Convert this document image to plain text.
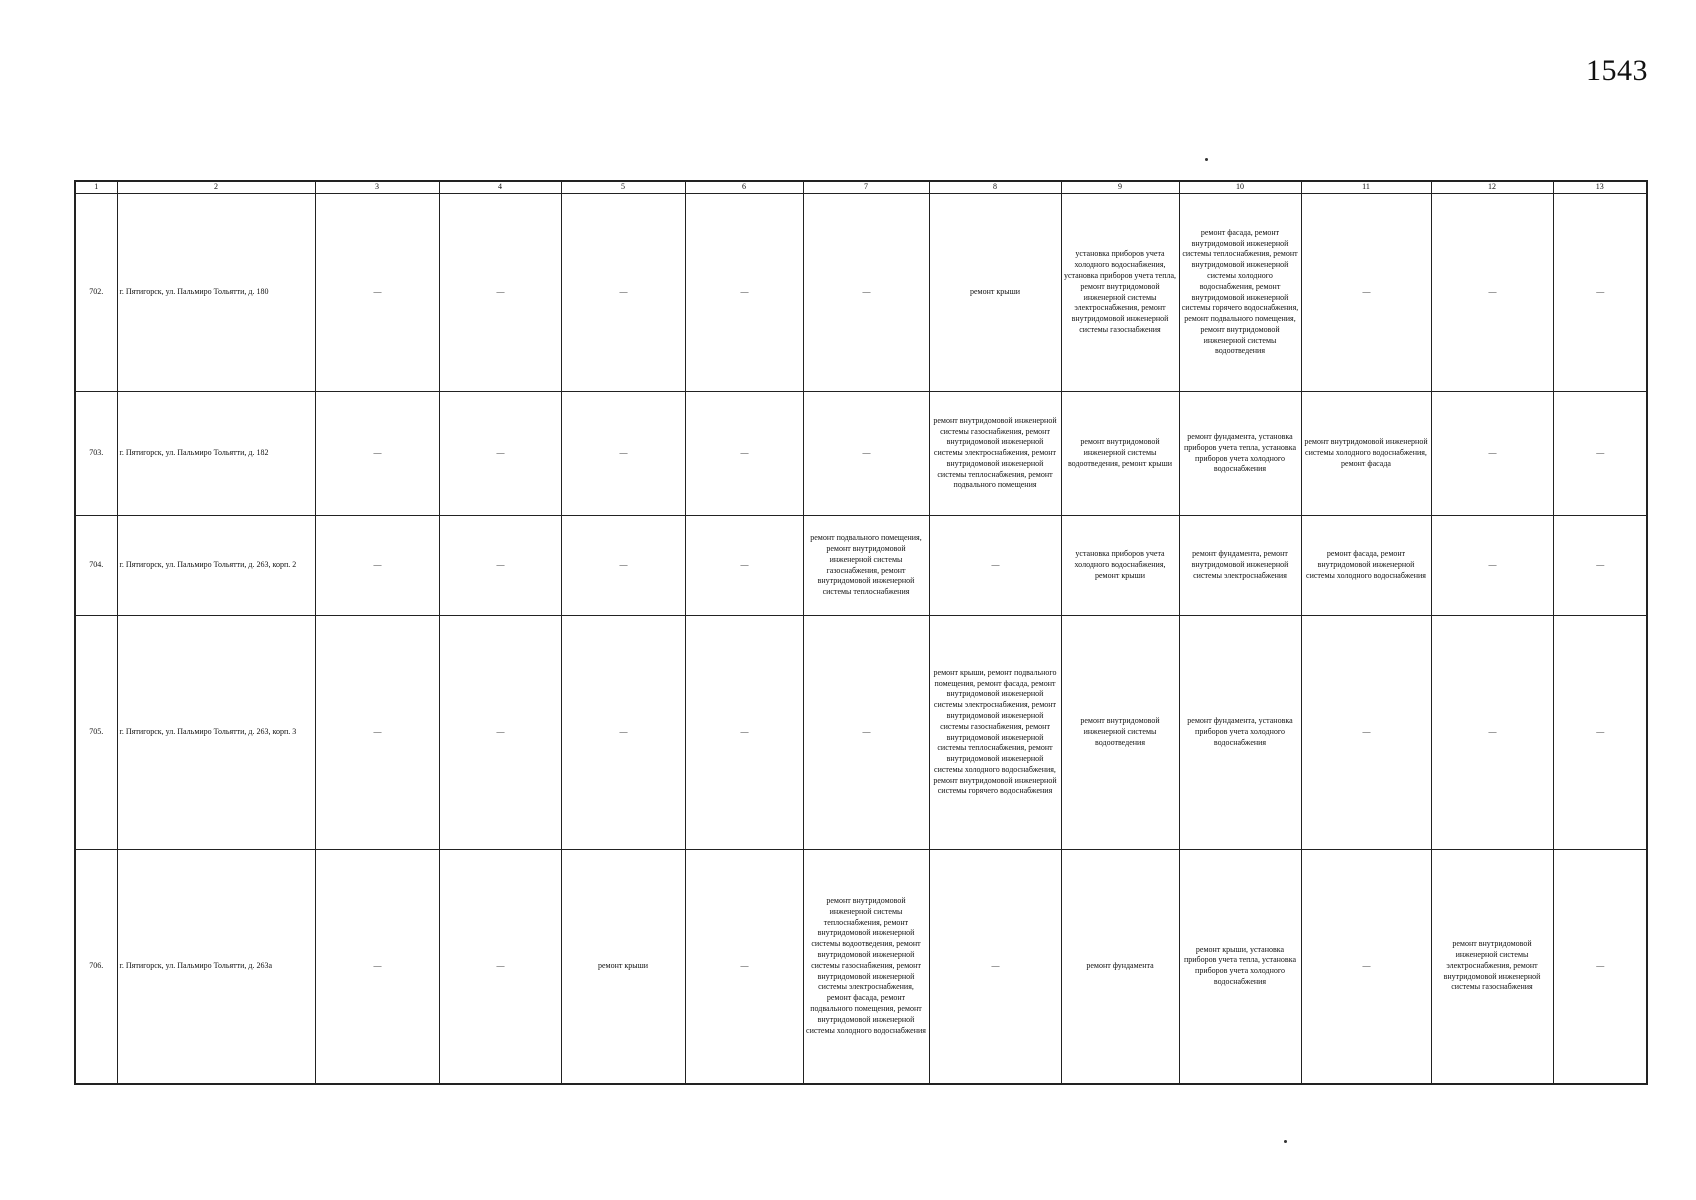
1543
1	2	3	4	5	6	7	8	9	10	11	12	13
702.	г. Пятигорск, ул. Пальмиро Тольятти, д. 180	—	—	—	—	—	ремонт крыши	установка приборов учета холодного водоснабжения, установка приборов учета тепла, ремонт внутридомовой инженерной системы электроснабжения, ремонт внутридомовой инженерной системы газоснабжения	ремонт фасада, ремонт внутридомовой инженерной системы теплоснабжения, ремонт внутридомовой инженерной системы холодного водоснабжения, ремонт внутридомовой инженерной системы горячего водоснабжения, ремонт подвального помещения, ремонт внутридомовой инженерной системы водоотведения	—	—	—
703.	г. Пятигорск, ул. Пальмиро Тольятти, д. 182	—	—	—	—	—	ремонт внутридомовой инженерной системы газоснабжения, ремонт внутридомовой инженерной системы электроснабжения, ремонт внутридомовой инженерной системы теплоснабжения, ремонт подвального помещения	ремонт внутридомовой инженерной системы водоотведения, ремонт крыши	ремонт фундамента, установка приборов учета тепла, установка приборов учета холодного водоснабжения	ремонт внутридомовой инженерной системы холодного водоснабжения, ремонт фасада	—	—
704.	г. Пятигорск, ул. Пальмиро Тольятти, д. 263, корп. 2	—	—	—	—	ремонт подвального помещения, ремонт внутридомовой инженерной системы газоснабжения, ремонт внутридомовой инженерной системы теплоснабжения	—	установка приборов учета холодного водоснабжения, ремонт крыши	ремонт фундамента, ремонт внутридомовой инженерной системы электроснабжения	ремонт фасада, ремонт внутридомовой инженерной системы холодного водоснабжения	—	—
705.	г. Пятигорск, ул. Пальмиро Тольятти, д. 263, корп. 3	—	—	—	—	—	ремонт крыши, ремонт подвального помещения, ремонт фасада, ремонт внутридомовой инженерной системы электроснабжения, ремонт внутридомовой инженерной системы газоснабжения, ремонт внутридомовой инженерной системы теплоснабжения, ремонт внутридомовой инженерной системы холодного водоснабжения, ремонт внутридомовой инженерной системы горячего водоснабжения	ремонт внутридомовой инженерной системы водоотведения	ремонт фундамента, установка приборов учета холодного водоснабжения	—	—	—
706.	г. Пятигорск, ул. Пальмиро Тольятти, д. 263а	—	—	ремонт крыши	—	ремонт внутридомовой инженерной системы теплоснабжения, ремонт внутридомовой инженерной системы водоотведения, ремонт внутридомовой инженерной системы газоснабжения, ремонт внутридомовой инженерной системы электроснабжения, ремонт фасада, ремонт подвального помещения, ремонт внутридомовой инженерной системы холодного водоснабжения	—	ремонт фундамента	ремонт крыши, установка приборов учета тепла, установка приборов учета холодного водоснабжения	—	ремонт внутридомовой инженерной системы электроснабжения, ремонт внутридомовой инженерной системы газоснабжения	—
